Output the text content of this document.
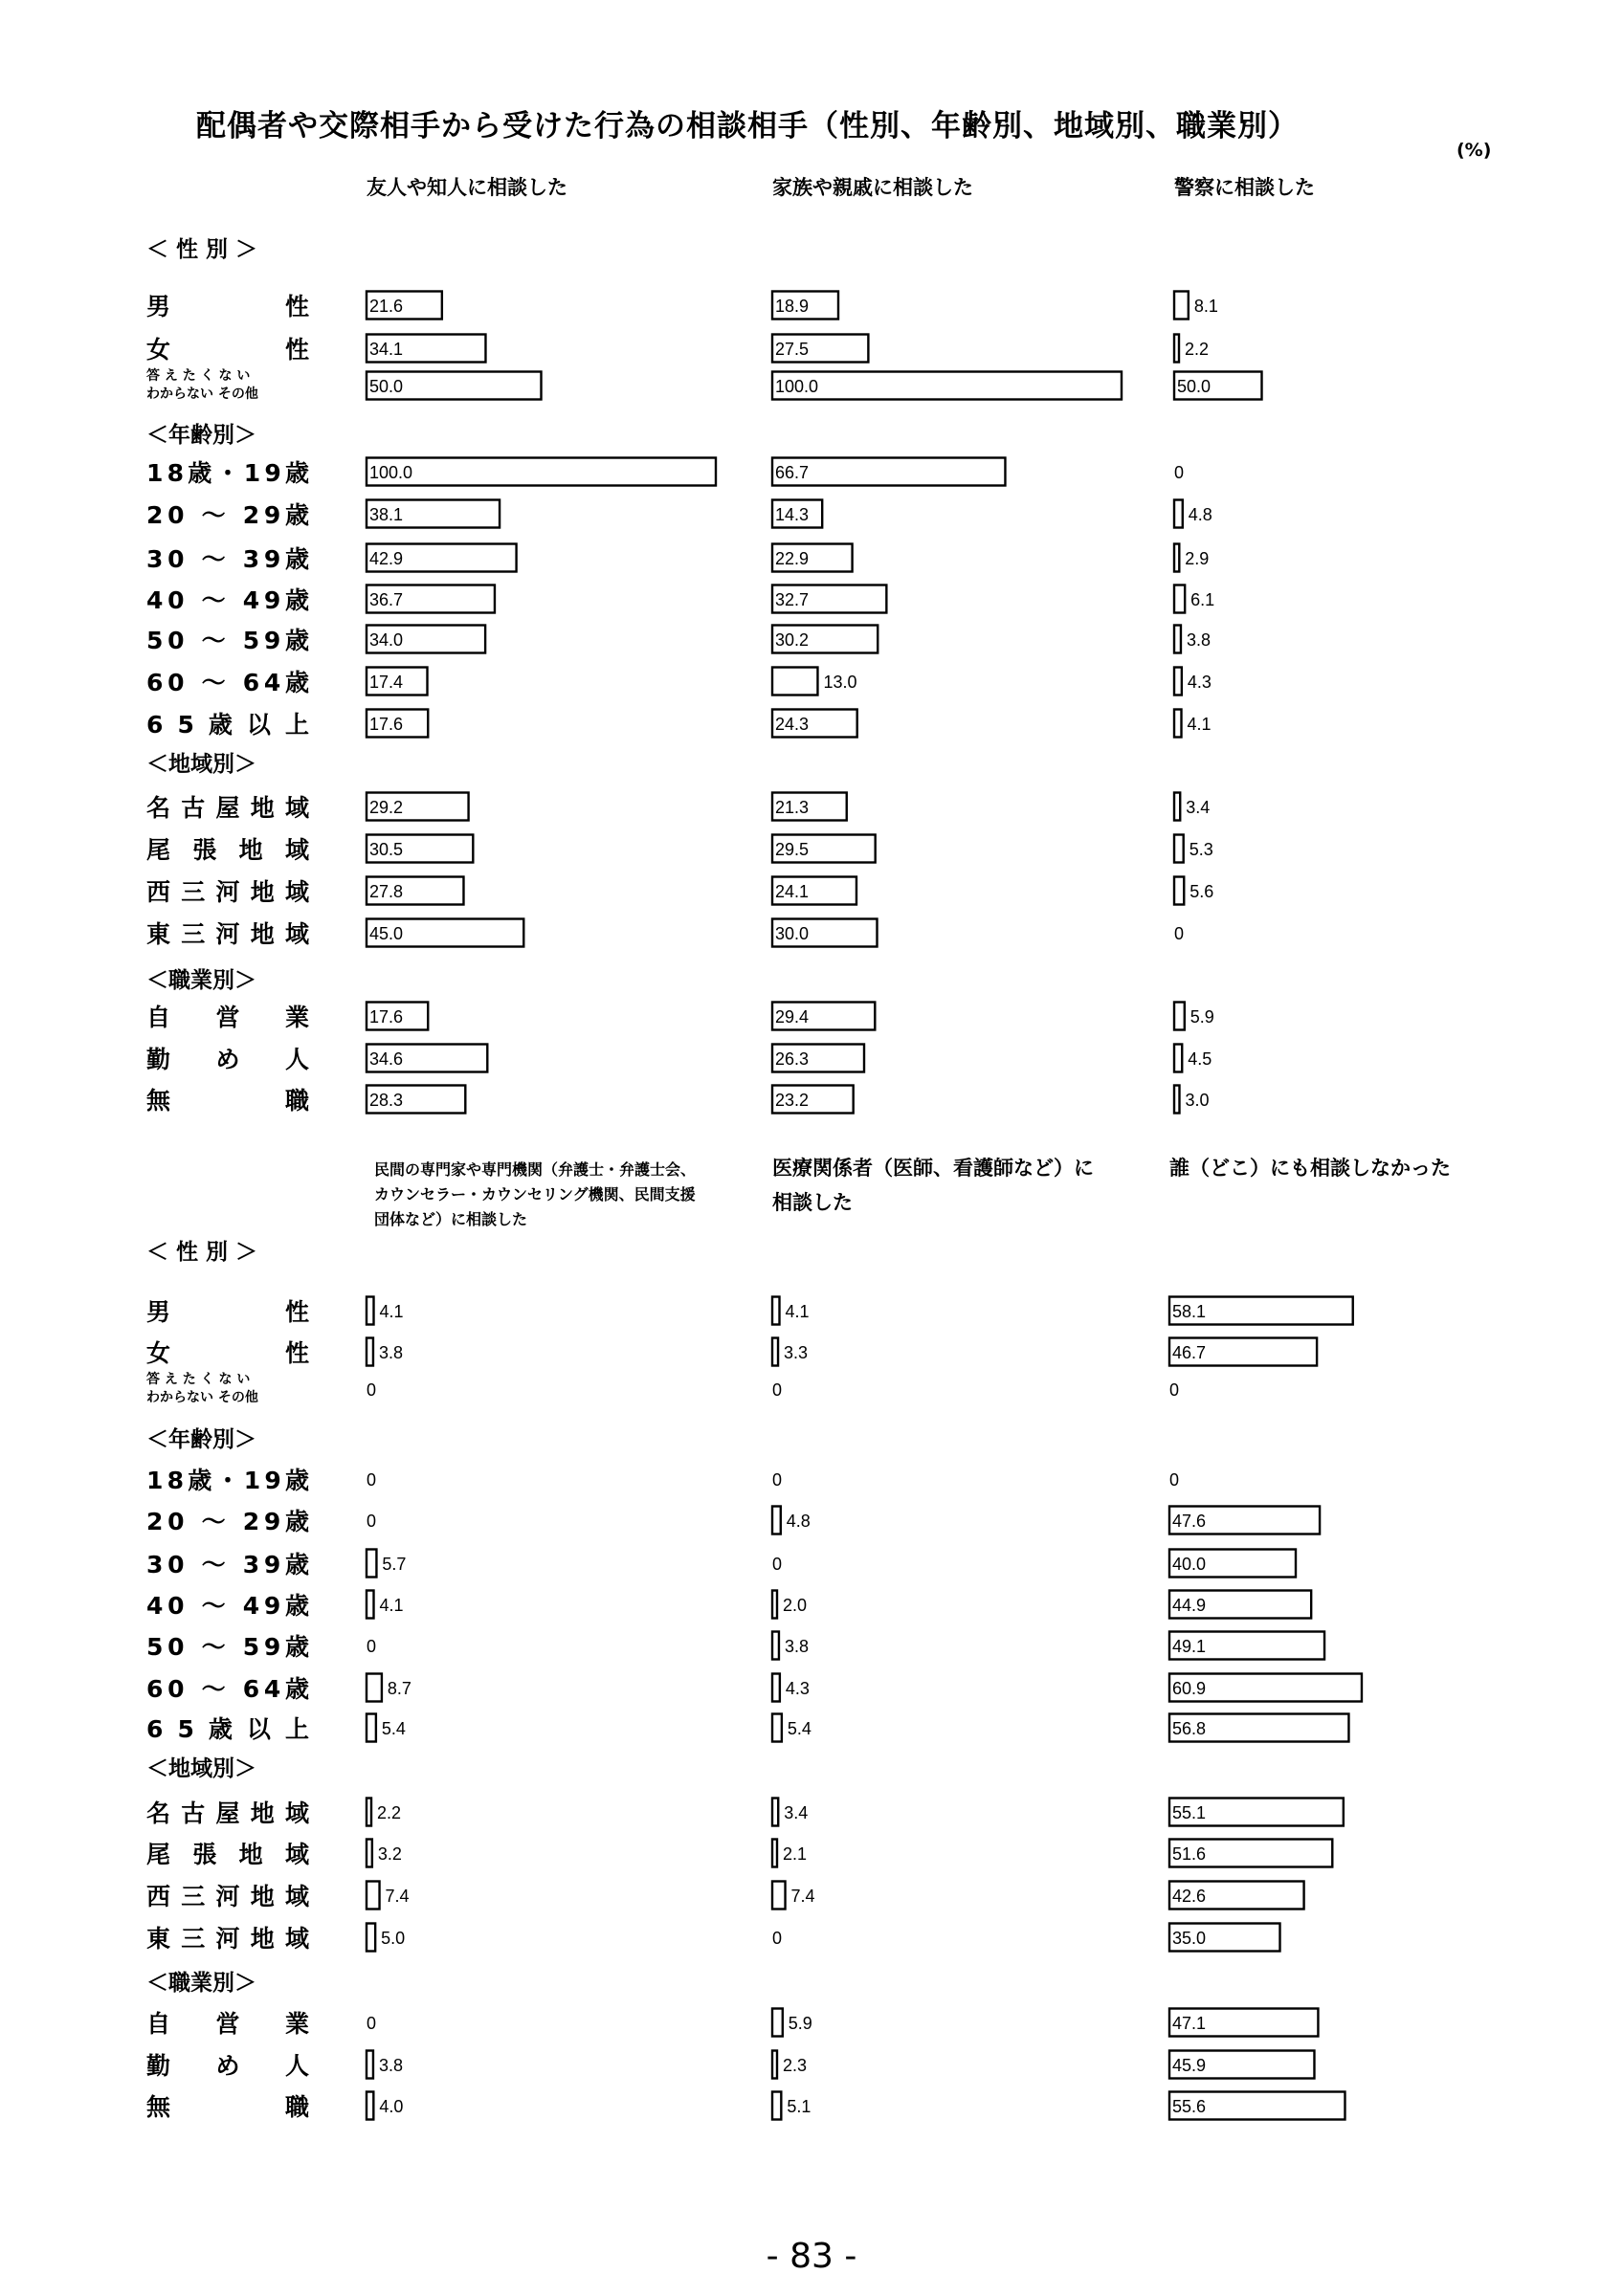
配偶者や交際相手から受けた行為の相談相手（性別、年齢別、地域別、職業別）
(%)
友人や知人に相談した	家族や親戚に相談した	警察に相談した
＜ 性 別 ＞
男　　　　性
女　　　　性
答 え た く な い
わからない その他
＜年齢別＞
18歳・19歳
20 ～ 29歳
30 ～ 39歳
40 ～ 49歳
50 ～ 59歳
60 ～ 64歳
6 5 歳 以 上
＜地域別＞
名 古 屋 地 域
尾 張 地 域
西 三 河 地 域
東 三 河 地 域
＜職業別＞
自　　営　　業
勤　め　人
無　　　　職
21.6
34.1
50.0
100.0
38.1
42.9
36.7
34.0
17.4
17.6
29.2
30.5
27.8
45.0
17.6
34.6
28.3
18.9
27.5
100.0
66.7
14.3
22.9
32.7
30.2
13.0
24.3
21.3
29.5
24.1
30.0
29.4
26.3
23.2
8.1
2.2
50.0
0
4.8
2.9
6.1
3.8
4.3
4.1
3.4
5.3
5.6
0
5.9
4.5
3.0
民間の専門家や専門機関（弁護士・弁護士会、
カウンセラー・カウンセリング機関、民間支援
団体など）に相談した
医療関係者（医師、看護師など）に
相談した
誰（どこ）にも相談しなかった
＜ 性 別 ＞
男　　　　性
女　　　　性
答 え た く な い
わからない その他
＜年齢別＞
18歳・19歳
20 ～ 29歳
30 ～ 39歳
40 ～ 49歳
50 ～ 59歳
60 ～ 64歳
6 5 歳 以 上
＜地域別＞
名 古 屋 地 域
尾 張 地 域
西 三 河 地 域
東 三 河 地 域
＜職業別＞
自　　営　　業
勤　め　人
無　　　　職
4.1
3.8
0
0
0
5.7
4.1
0
8.7
5.4
2.2
3.2
7.4
5.0
0
3.8
4.0
4.1
3.3
0
0
4.8
0
2.0
3.8
4.3
5.4
3.4
2.1
7.4
0
5.9
2.3
5.1
58.1
46.7
0
0
47.6
40.0
44.9
49.1
60.9
56.8
55.1
51.6
42.6
35.0
47.1
45.9
55.6
- 83 -
